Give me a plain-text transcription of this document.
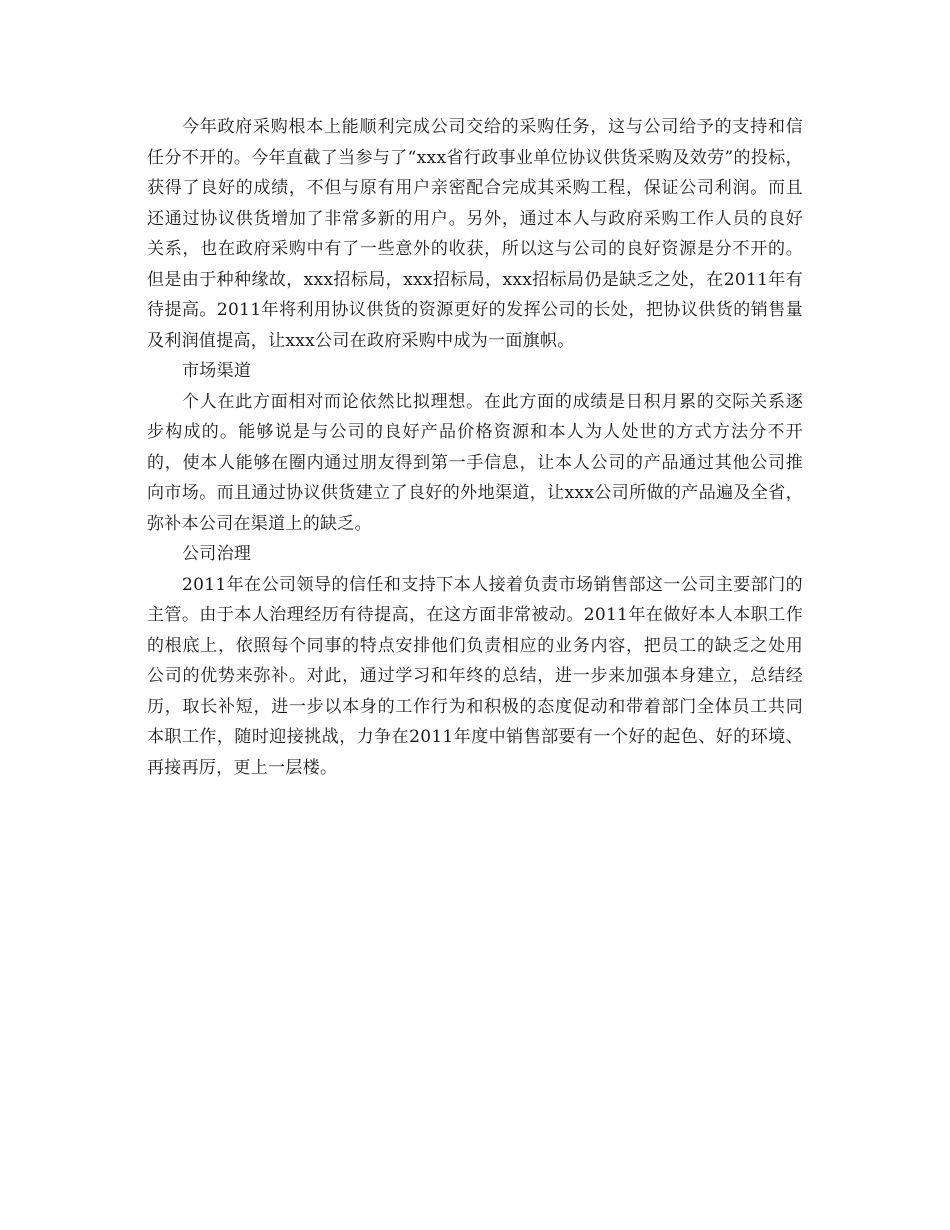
今年政府采购根本上能顺利完成公司交给的采购任务，这与公司给予的支持和信任分不开的。今年直截了当参与了“xxx省行政事业单位协议供货采购及效劳”的投标，获得了良好的成绩，不但与原有用户亲密配合完成其采购工程，保证公司利润。而且还通过协议供货增加了非常多新的用户。另外，通过本人与政府采购工作人员的良好关系，也在政府采购中有了一些意外的收获，所以这与公司的良好资源是分不开的。但是由于种种缘故，xxx招标局，xxx招标局，xxx招标局仍是缺乏之处，在2011年有待提高。2011年将利用协议供货的资源更好的发挥公司的长处，把协议供货的销售量及利润值提高，让xxx公司在政府采购中成为一面旗帜。

市场渠道

个人在此方面相对而论依然比拟理想。在此方面的成绩是日积月累的交际关系逐步构成的。能够说是与公司的良好产品价格资源和本人为人处世的方式方法分不开的，使本人能够在圈内通过朋友得到第一手信息，让本人公司的产品通过其他公司推向市场。而且通过协议供货建立了良好的外地渠道，让xxx公司所做的产品遍及全省，弥补本公司在渠道上的缺乏。

公司治理

2011年在公司领导的信任和支持下本人接着负责市场销售部这一公司主要部门的主管。由于本人治理经历有待提高，在这方面非常被动。2011年在做好本人本职工作的根底上，依照每个同事的特点安排他们负责相应的业务内容，把员工的缺乏之处用公司的优势来弥补。对此，通过学习和年终的总结，进一步来加强本身建立，总结经历，取长补短，进一步以本身的工作行为和积极的态度促动和带着部门全体员工共同本职工作，随时迎接挑战，力争在2011年度中销售部要有一个好的起色、好的环境、再接再厉，更上一层楼。
